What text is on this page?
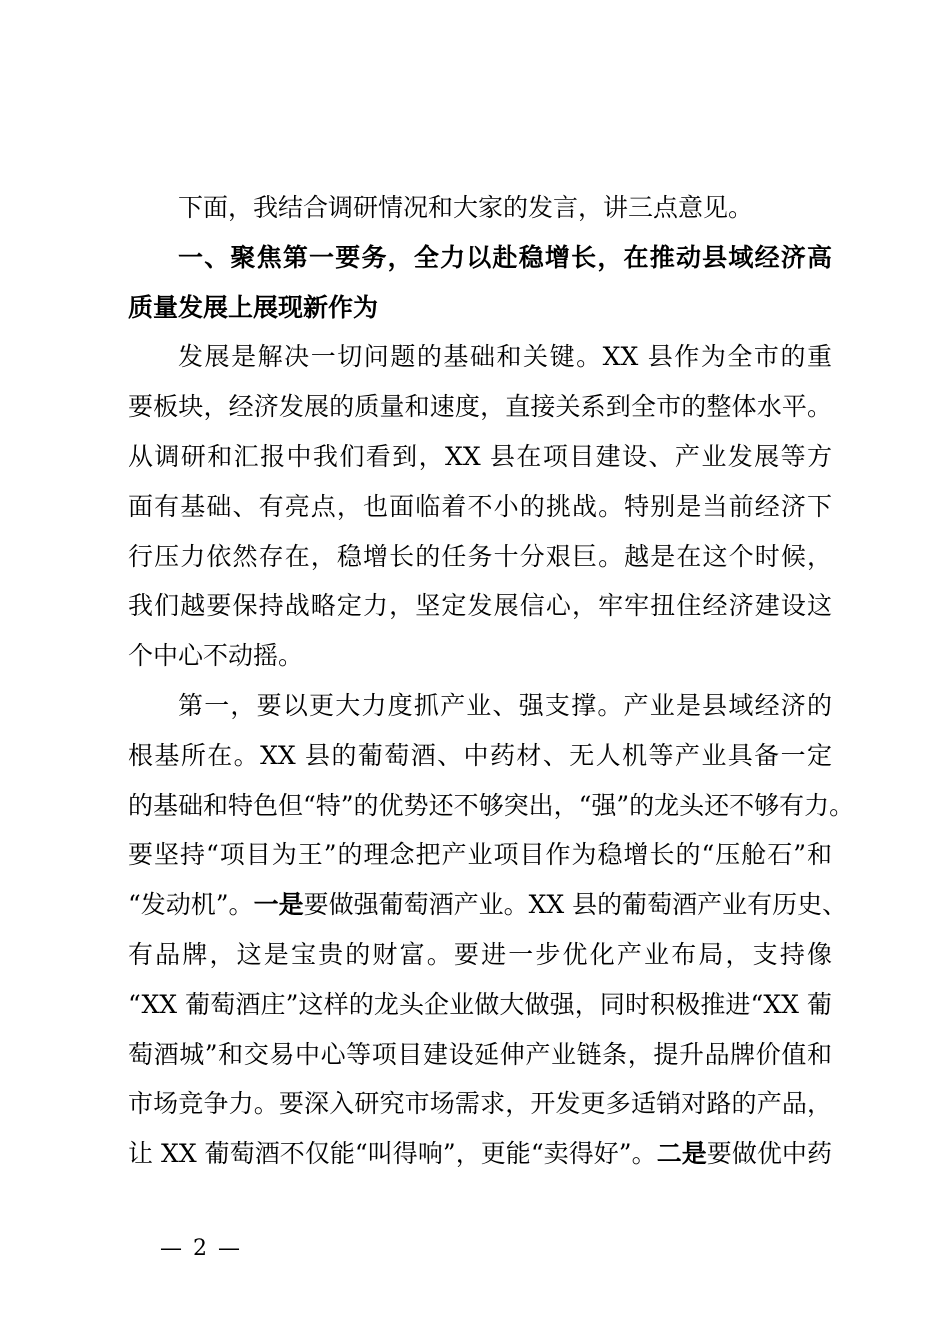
下面，我结合调研情况和大家的发言，讲三点意见。
一、聚焦第一要务，全力以赴稳增长，在推动县域经济高
质量发展上展现新作为
发展是解决一切问题的基础和关键。XX 县作为全市的重
要板块，经济发展的质量和速度，直接关系到全市的整体水平。
从调研和汇报中我们看到，XX 县在项目建设、产业发展等方
面有基础、有亮点，也面临着不小的挑战。特别是当前经济下
行压力依然存在，稳增长的任务十分艰巨。越是在这个时候，
我们越要保持战略定力，坚定发展信心，牢牢扭住经济建设这
个中心不动摇。
第一，要以更大力度抓产业、强支撑。产业是县域经济的
根基所在。XX 县的葡萄酒、中药材、无人机等产业具备一定
的基础和特色但“特”的优势还不够突出，“强”的龙头还不够有力。
要坚持“项目为王”的理念把产业项目作为稳增长的“压舱石”和
“发动机”。一是要做强葡萄酒产业。XX 县的葡萄酒产业有历史、
有品牌，这是宝贵的财富。要进一步优化产业布局，支持像
“XX 葡萄酒庄”这样的龙头企业做大做强，同时积极推进“XX 葡
萄酒城”和交易中心等项目建设延伸产业链条，提升品牌价值和
市场竞争力。要深入研究市场需求，开发更多适销对路的产品，
让 XX 葡萄酒不仅能“叫得响”，更能“卖得好”。二是要做优中药
— 2 —
